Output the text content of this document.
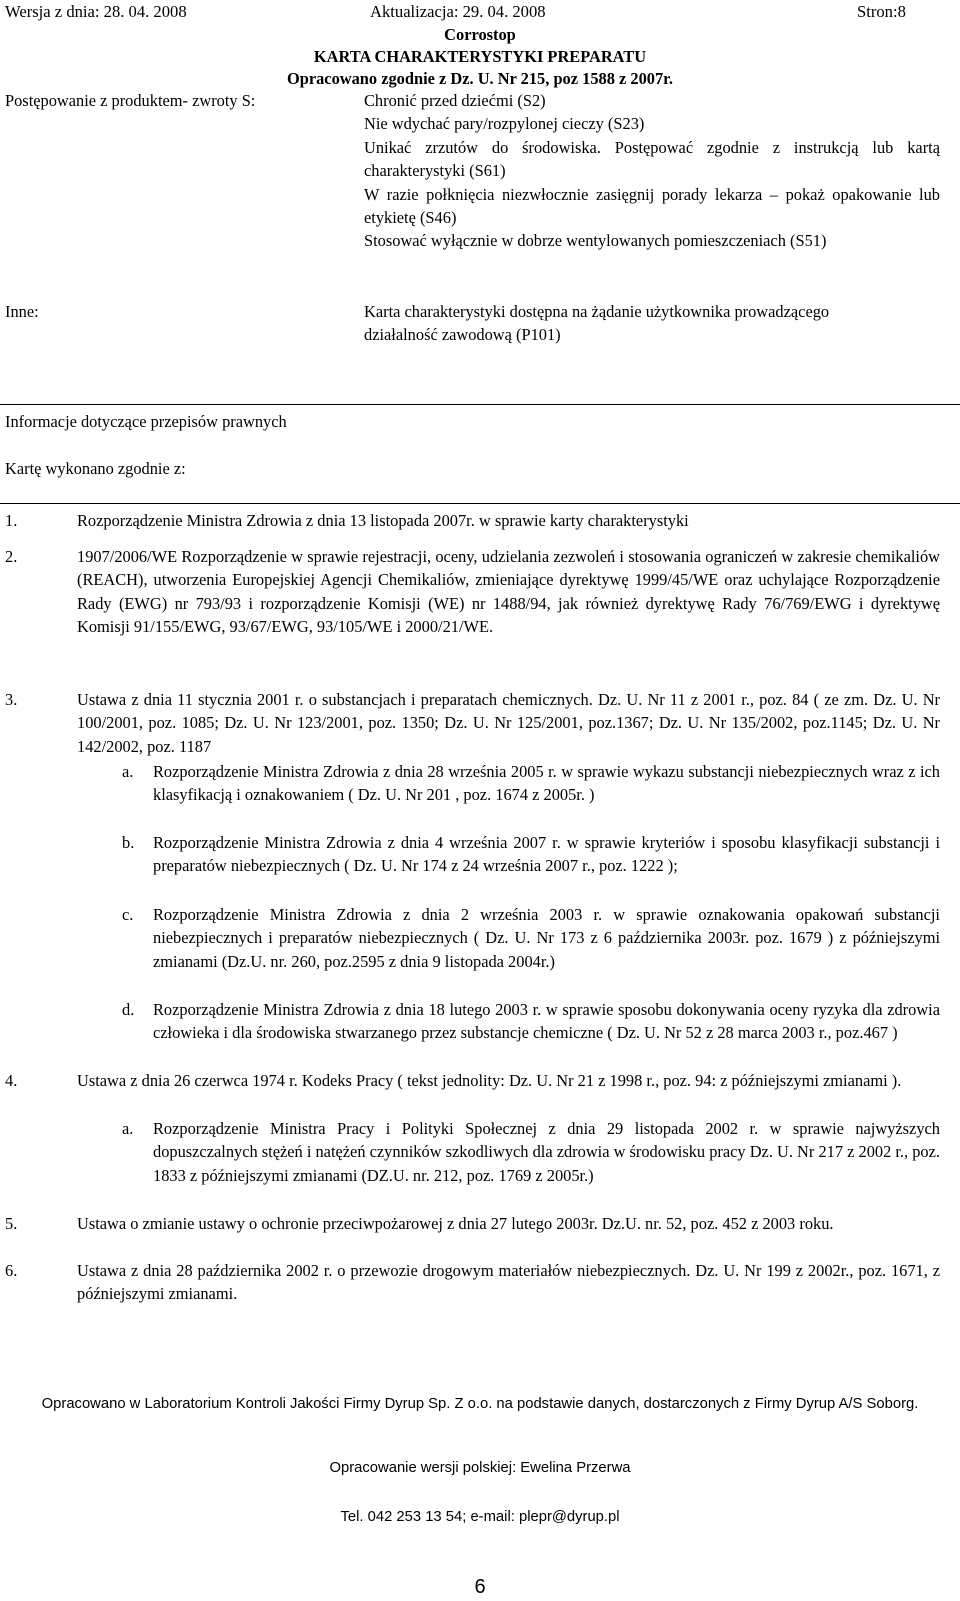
Wersja z dnia: 28. 04. 2008	Aktualizacja: 29. 04. 2008	Stron:8
Corrostop
KARTA CHARAKTERYSTYKI PREPARATU
Opracowano zgodnie z Dz. U. Nr 215, poz 1588 z 2007r.
Postępowanie z produktem- zwroty S:	Chronić przed dziećmi (S2)

Nie wdychać pary/rozpylonej cieczy (S23)

Unikać zrzutów do środowiska. Postępować zgodnie z instrukcją lub kartą charakterystyki (S61)

W razie połknięcia niezwłocznie zasięgnij porady lekarza – pokaż opakowanie lub etykietę (S46)

Stosować wyłącznie w dobrze wentylowanych pomieszczeniach (S51)

Inne:	Karta charakterystyki dostępna na żądanie użytkownika prowadzącego działalność zawodową (P101)
Informacje dotyczące przepisów prawnych
Kartę wykonano zgodnie z:
1.	Rozporządzenie Ministra Zdrowia z dnia 13 listopada 2007r. w sprawie karty charakterystyki
2.	1907/2006/WE Rozporządzenie w sprawie rejestracji, oceny, udzielania zezwoleń i stosowania ograniczeń w zakresie chemikaliów (REACH), utworzenia Europejskiej Agencji Chemikaliów, zmieniające dyrektywę 1999/45/WE oraz uchylające Rozporządzenie Rady (EWG) nr 793/93 i rozporządzenie Komisji (WE) nr 1488/94, jak również dyrektywę Rady 76/769/EWG i dyrektywę Komisji 91/155/EWG, 93/67/EWG, 93/105/WE i 2000/21/WE.
3.	Ustawa z dnia 11 stycznia 2001 r. o substancjach i preparatach chemicznych. Dz. U. Nr 11 z 2001 r., poz. 84 ( ze zm. Dz. U. Nr 100/2001, poz. 1085; Dz. U. Nr 123/2001, poz. 1350; Dz. U. Nr 125/2001, poz.1367; Dz. U. Nr 135/2002, poz.1145; Dz. U. Nr 142/2002, poz. 1187
a. Rozporządzenie Ministra Zdrowia z dnia 28 września 2005 r. w sprawie wykazu substancji niebezpiecznych wraz z ich klasyfikacją i oznakowaniem ( Dz. U. Nr 201 , poz. 1674 z 2005r. )
b. Rozporządzenie Ministra Zdrowia z dnia 4 września 2007 r. w sprawie kryteriów i sposobu klasyfikacji substancji i preparatów niebezpiecznych ( Dz. U. Nr 174 z 24 września 2007 r., poz. 1222 );
c. Rozporządzenie Ministra Zdrowia z dnia 2 września 2003 r. w sprawie oznakowania opakowań substancji niebezpiecznych i preparatów niebezpiecznych ( Dz. U. Nr 173 z 6 października 2003r. poz. 1679 ) z późniejszymi zmianami (Dz.U. nr. 260, poz.2595 z dnia 9 listopada 2004r.)
d. Rozporządzenie Ministra Zdrowia z dnia 18 lutego 2003 r. w sprawie sposobu dokonywania oceny ryzyka dla zdrowia człowieka i dla środowiska stwarzanego przez substancje chemiczne ( Dz. U. Nr 52 z 28 marca 2003 r., poz.467 )
4.	Ustawa z dnia 26 czerwca 1974 r. Kodeks Pracy ( tekst jednolity: Dz. U. Nr 21 z 1998 r., poz. 94: z późniejszymi zmianami ).
a. Rozporządzenie Ministra Pracy i Polityki Społecznej z dnia 29 listopada 2002 r. w sprawie najwyższych dopuszczalnych stężeń i natężeń czynników szkodliwych dla zdrowia w środowisku pracy Dz. U. Nr 217 z 2002 r., poz. 1833 z późniejszymi zmianami (DZ.U. nr. 212, poz. 1769 z 2005r.)
5.	Ustawa o zmianie ustawy o ochronie przeciwpożarowej z dnia 27 lutego 2003r. Dz.U. nr. 52, poz. 452 z 2003 roku.
6.	Ustawa z dnia 28 października 2002 r. o przewozie drogowym materiałów niebezpiecznych. Dz. U. Nr 199 z 2002r., poz. 1671, z późniejszymi zmianami.
Opracowano w Laboratorium Kontroli Jakości Firmy Dyrup Sp. Z o.o. na podstawie danych, dostarczonych z Firmy Dyrup A/S Soborg.
Opracowanie wersji polskiej: Ewelina Przerwa
Tel. 042 253 13 54; e-mail: plepr@dyrup.pl
6
